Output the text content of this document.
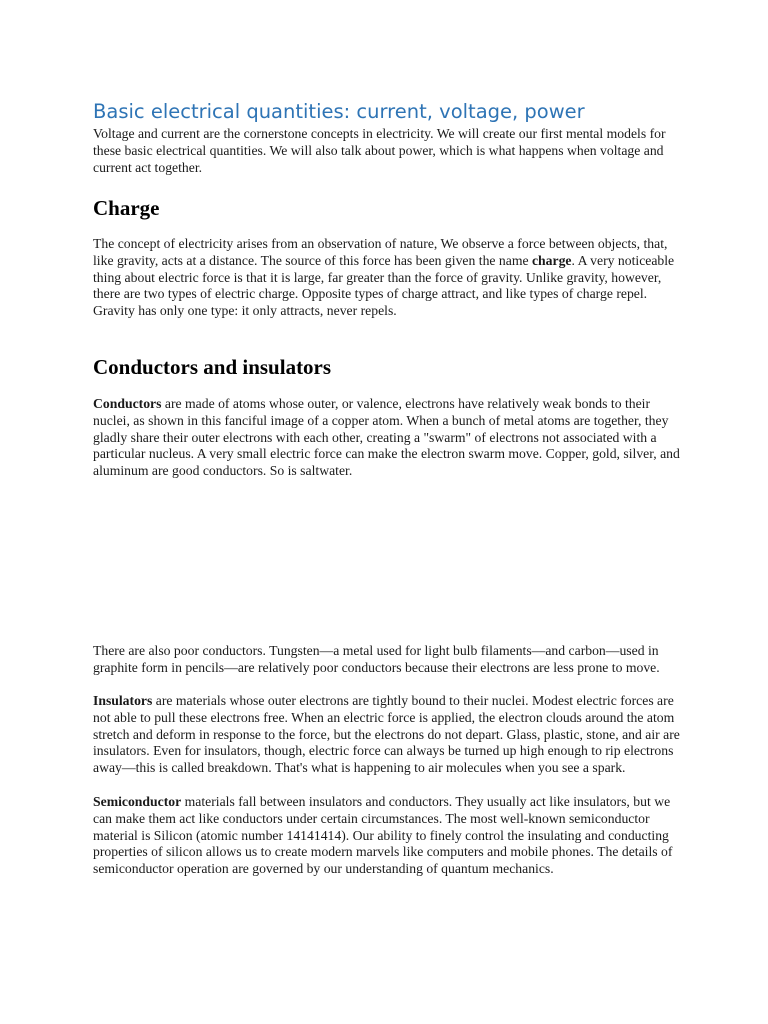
Basic electrical quantities: current, voltage, power

Voltage and current are the cornerstone concepts in electricity. We will create our first mental models for these basic electrical quantities. We will also talk about power, which is what happens when voltage and current act together.

Charge

The concept of electricity arises from an observation of nature, We observe a force between objects, that, like gravity, acts at a distance. The source of this force has been given the name charge. A very noticeable thing about electric force is that it is large, far greater than the force of gravity. Unlike gravity, however, there are two types of electric charge. Opposite types of charge attract, and like types of charge repel. Gravity has only one type: it only attracts, never repels.

Conductors and insulators

Conductors are made of atoms whose outer, or valence, electrons have relatively weak bonds to their nuclei, as shown in this fanciful image of a copper atom. When a bunch of metal atoms are together, they gladly share their outer electrons with each other, creating a "swarm" of electrons not associated with a particular nucleus. A very small electric force can make the electron swarm move. Copper, gold, silver, and aluminum are good conductors. So is saltwater.

There are also poor conductors. Tungsten—a metal used for light bulb filaments—and carbon—used in graphite form in pencils—are relatively poor conductors because their electrons are less prone to move.

Insulators are materials whose outer electrons are tightly bound to their nuclei. Modest electric forces are not able to pull these electrons free. When an electric force is applied, the electron clouds around the atom stretch and deform in response to the force, but the electrons do not depart. Glass, plastic, stone, and air are insulators. Even for insulators, though, electric force can always be turned up high enough to rip electrons away—this is called breakdown. That's what is happening to air molecules when you see a spark.

Semiconductor materials fall between insulators and conductors. They usually act like insulators, but we can make them act like conductors under certain circumstances. The most well-known semiconductor material is Silicon (atomic number 14141414). Our ability to finely control the insulating and conducting properties of silicon allows us to create modern marvels like computers and mobile phones. The details of semiconductor operation are governed by our understanding of quantum mechanics.
